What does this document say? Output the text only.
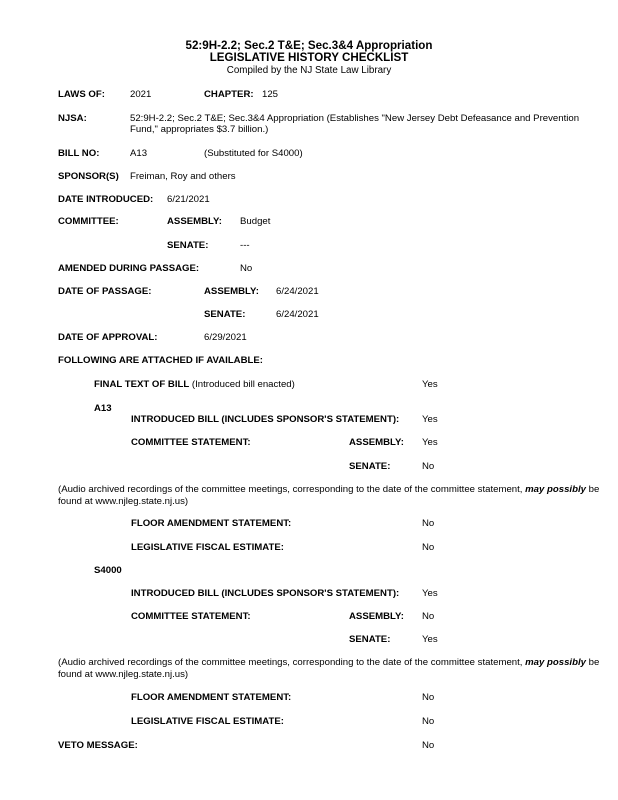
52:9H-2.2; Sec.2 T&E; Sec.3&4 Appropriation
LEGISLATIVE HISTORY CHECKLIST
Compiled by the NJ State Law Library
LAWS OF:	2021	CHAPTER: 125
NJSA:	52:9H-2.2; Sec.2 T&E; Sec.3&4 Appropriation (Establishes "New Jersey Debt Defeasance and Prevention
Fund," appropriates $3.7 billion.)
BILL NO:	A13	(Substituted for S4000)
SPONSOR(S) Freiman, Roy and others
DATE INTRODUCED: 6/21/2021
COMMITTEE:	ASSEMBLY: Budget
SENATE:	---
AMENDED DURING PASSAGE:	No
DATE OF PASSAGE:	ASSEMBLY: 6/24/2021
SENATE:	6/24/2021
DATE OF APPROVAL:	6/29/2021
FOLLOWING ARE ATTACHED IF AVAILABLE:
FINAL TEXT OF BILL (Introduced bill enacted)	Yes
A13
INTRODUCED BILL (INCLUDES SPONSOR'S STATEMENT): Yes
COMMITTEE STATEMENT:	ASSEMBLY: Yes
SENATE:	No
(Audio archived recordings of the committee meetings, corresponding to the date of the committee statement, may possibly be found at www.njleg.state.nj.us)
FLOOR AMENDMENT STATEMENT:	No
LEGISLATIVE FISCAL ESTIMATE:	No
S4000
INTRODUCED BILL (INCLUDES SPONSOR'S STATEMENT): Yes
COMMITTEE STATEMENT:	ASSEMBLY: No
SENATE:	Yes
(Audio archived recordings of the committee meetings, corresponding to the date of the committee statement, may possibly be found at www.njleg.state.nj.us)
FLOOR AMENDMENT STATEMENT:	No
LEGISLATIVE FISCAL ESTIMATE:	No
VETO MESSAGE:	No
